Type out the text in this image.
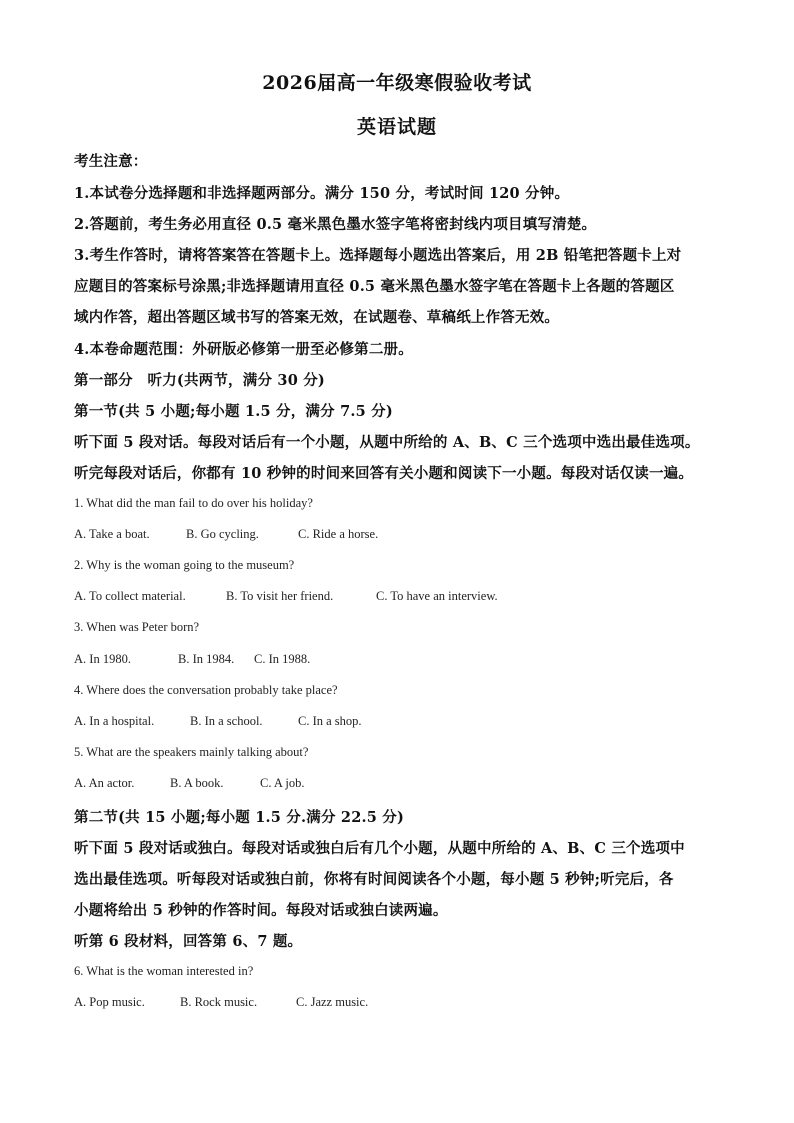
2026届高一年级寒假验收考试
英语试题
考生注意：
1.本试卷分选择题和非选择题两部分。满分 150 分，考试时间 120 分钟。
2.答题前，考生务必用直径 0.5 毫米黑色墨水签字笔将密封线内项目填写清楚。
3.考生作答时，请将答案答在答题卡上。选择题每小题选出答案后，用 2B 铅笔把答题卡上对
应题目的答案标号涂黑;非选择题请用直径 0.5 毫米黑色墨水签字笔在答题卡上各题的答题区
域内作答，超出答题区域书写的答案无效，在试题卷、草稿纸上作答无效。
4.本卷命题范围：外研版必修第一册至必修第二册。
第一部分　听力(共两节，满分 30 分)
第一节(共 5 小题;每小题 1.5 分，满分 7.5 分)
听下面 5 段对话。每段对话后有一个小题，从题中所给的 A、B、C 三个选项中选出最佳选项。
听完每段对话后，你都有 10 秒钟的时间来回答有关小题和阅读下一小题。每段对话仅读一遍。
1. What did the man fail to do over his holiday?
A. Take a boat.	B. Go cycling.	C. Ride a horse.
2. Why is the woman going to the museum?
A. To collect material.	B. To visit her friend.	C. To have an interview.
3. When was Peter born?
A. In 1980.	B. In 1984. C. In 1988.
4. Where does the conversation probably take place?
A. In a hospital.	B. In a school.	C. In a shop.
5. What are the speakers mainly talking about?
A. An actor.	B. A book.	C. A job.
第二节(共 15 小题;每小题 1.5 分.满分 22.5 分)
听下面 5 段对话或独白。每段对话或独白后有几个小题，从题中所给的 A、B、C 三个选项中
选出最佳选项。听每段对话或独白前，你将有时间阅读各个小题，每小题 5 秒钟;听完后，各
小题将给出 5 秒钟的作答时间。每段对话或独白读两遍。
听第 6 段材料，回答第 6、7 题。
6. What is the woman interested in?
A. Pop music.	B. Rock music.	C. Jazz music.
